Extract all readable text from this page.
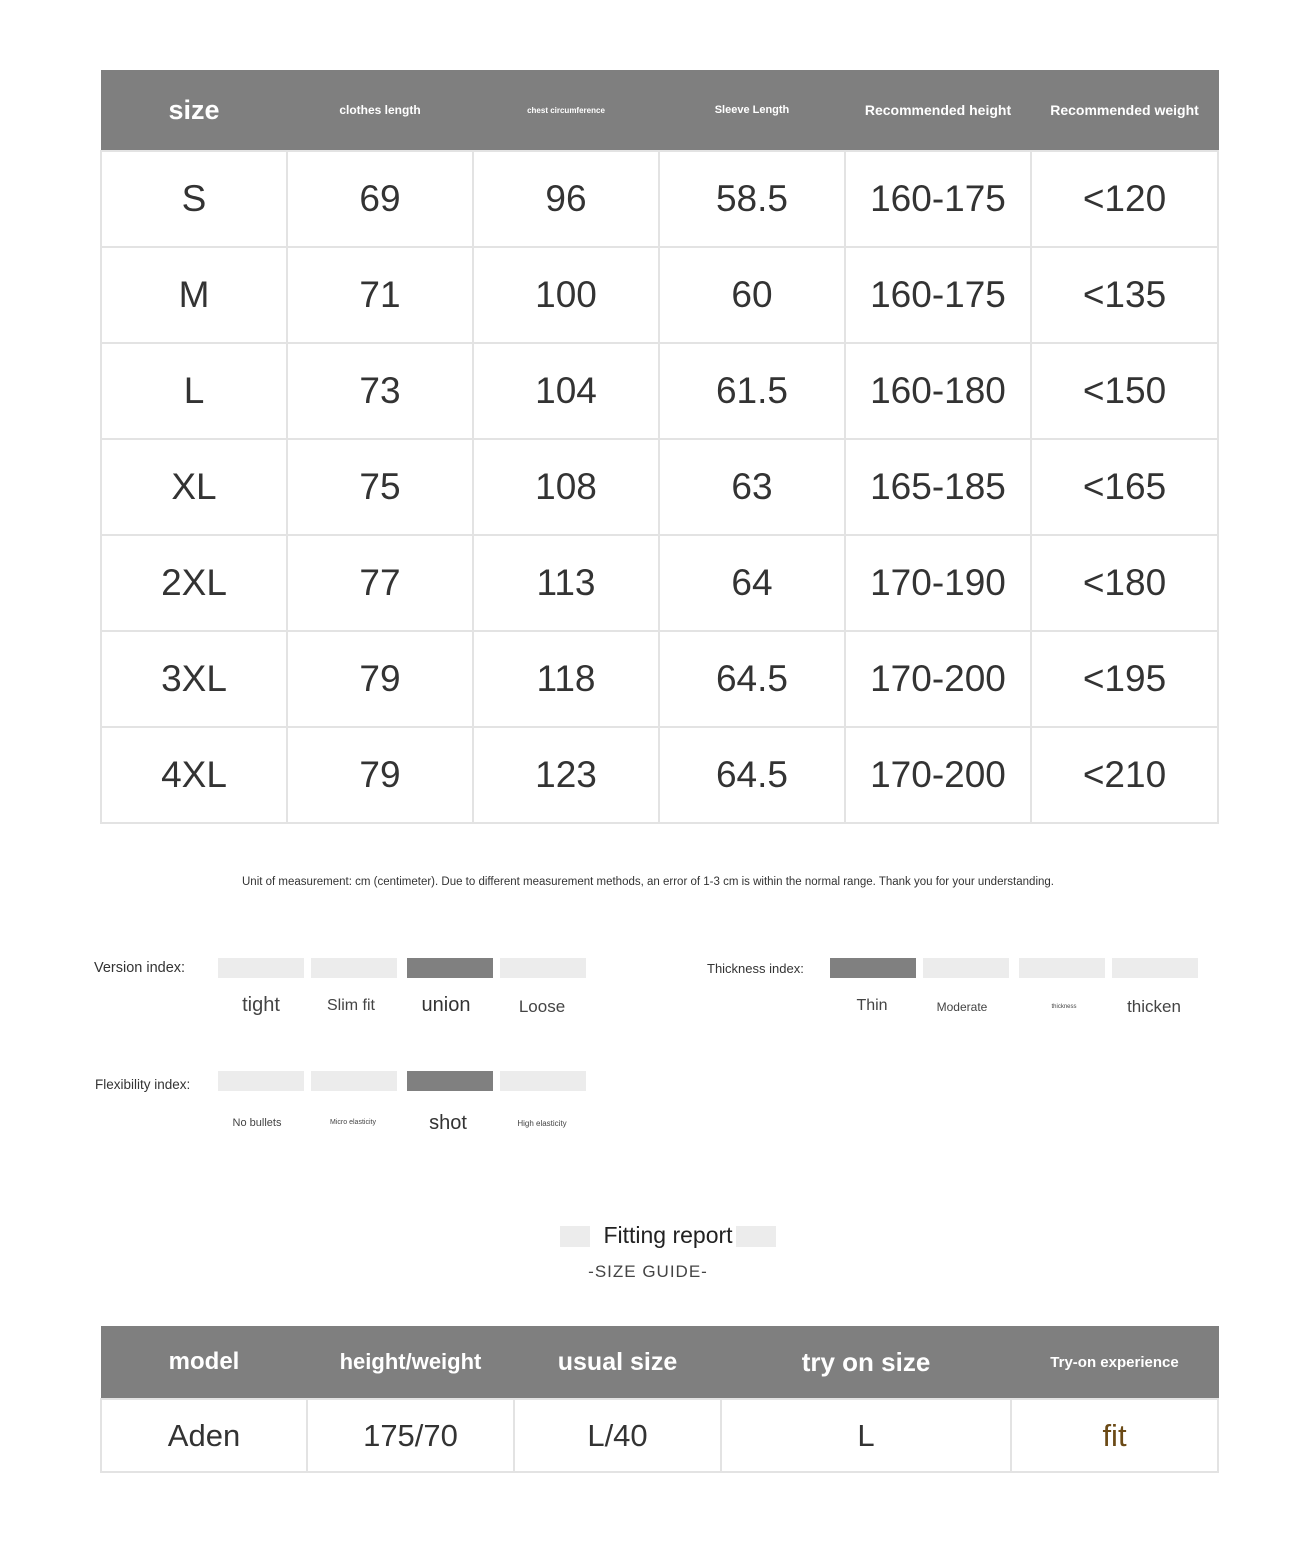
size	clothes length	chest circumference	Sleeve Length	Recommended height	Recommended weight
S	69	96	58.5	160-175	<120
M	71	100	60	160-175	<135
L	73	104	61.5	160-180	<150
XL	75	108	63	165-185	<165
2XL	77	113	64	170-190	<180
3XL	79	118	64.5	170-200	<195
4XL	79	123	64.5	170-200	<210
Unit of measurement: cm (centimeter). Due to different measurement methods, an error of 1-3 cm is within the normal range. Thank you for your understanding.
Version index:
tight	Slim fit	union	Loose
Thickness index:
Thin	Moderate	thickness	thicken
Flexibility index:
No bullets	Micro elasticity	shot	High elasticity
Fitting report
-SIZE GUIDE-
model	height/weight	usual size	try on size	Try-on experience
Aden	175/70	L/40	L	fit
